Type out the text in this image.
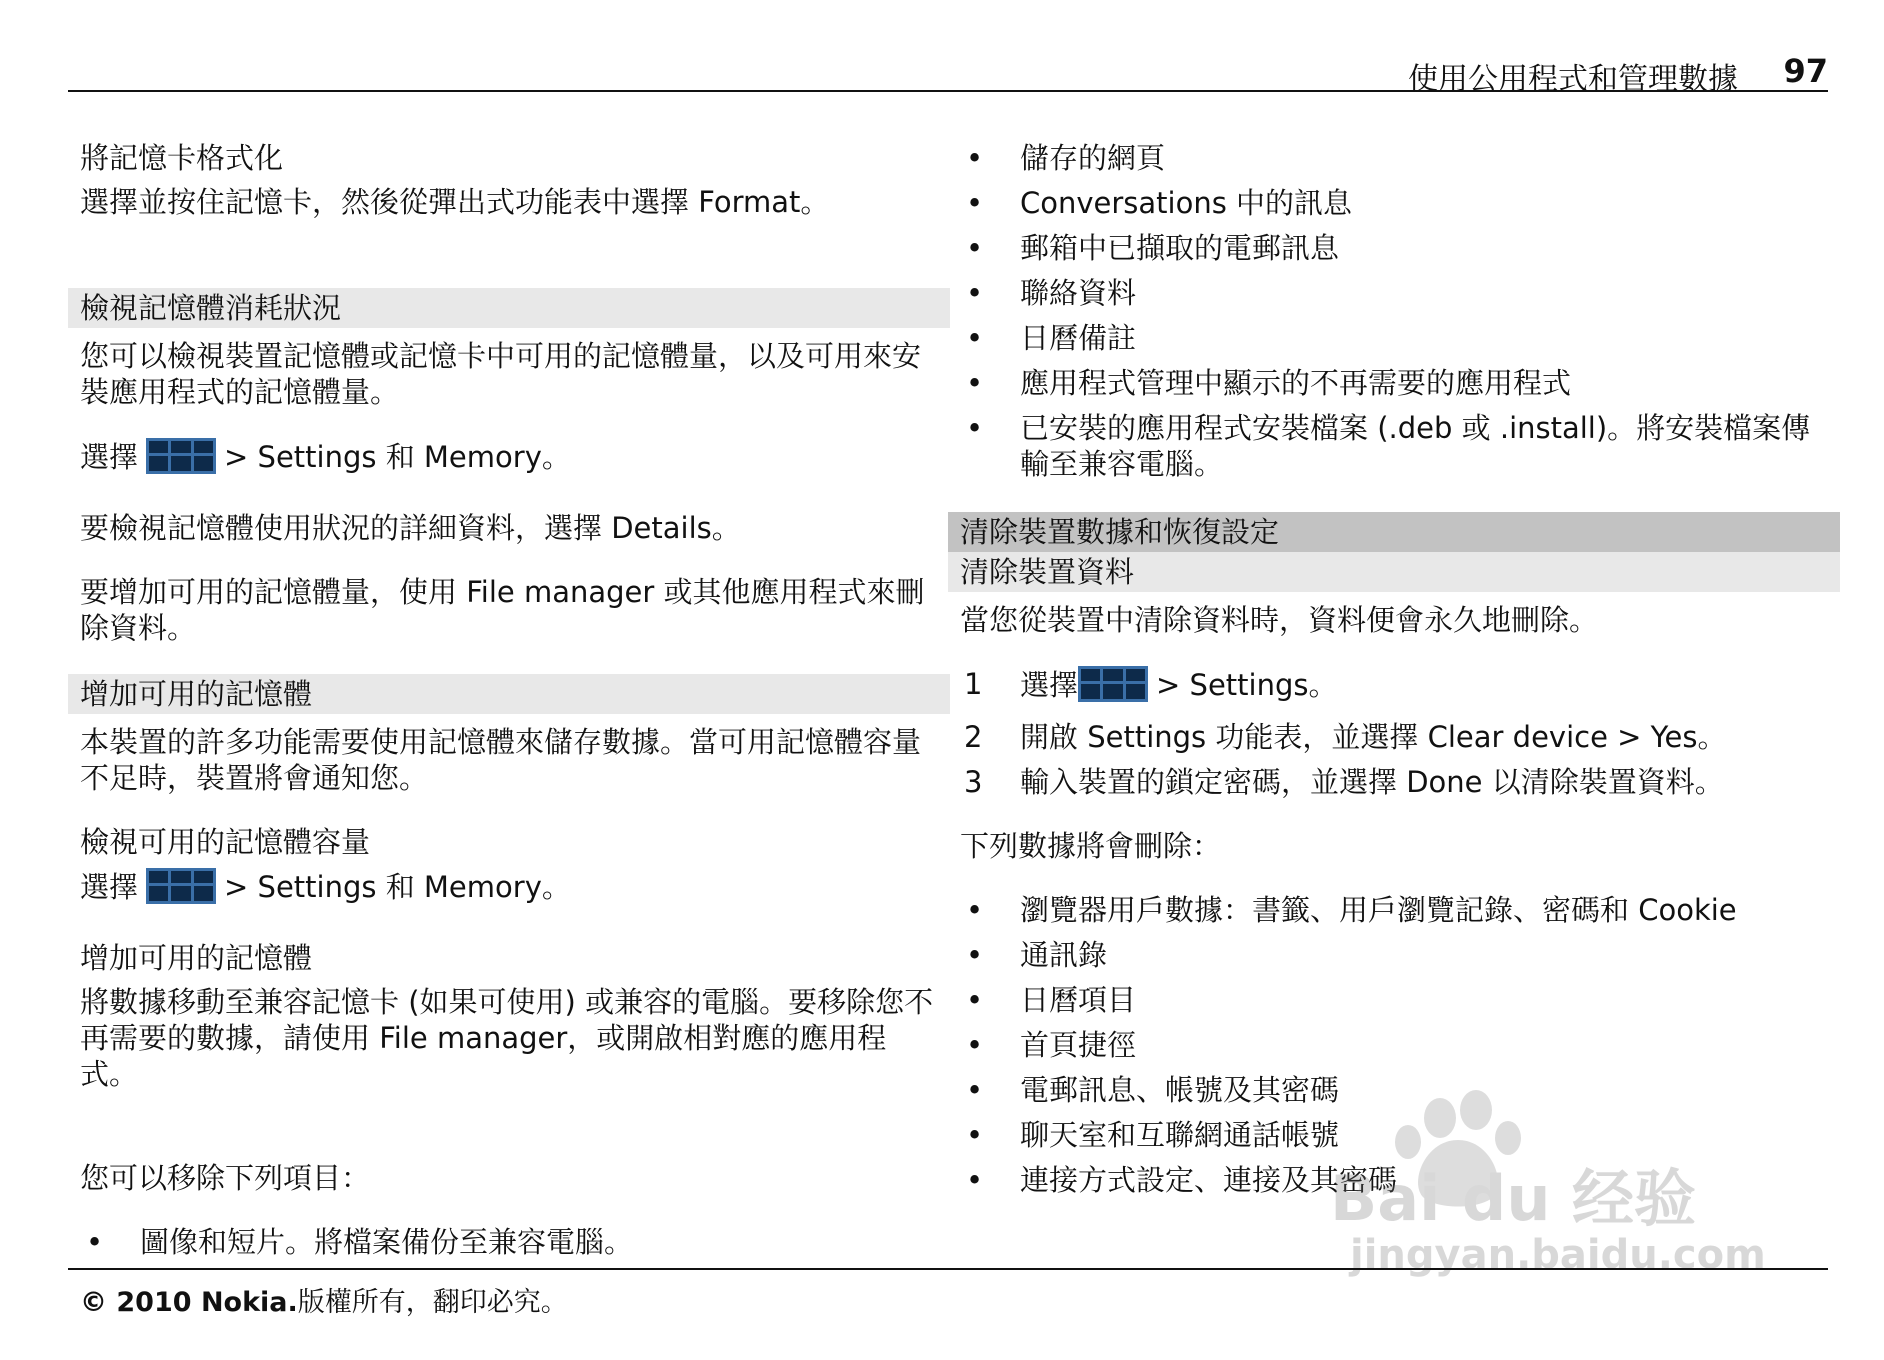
使用公用程式和管理數據 97
將記憶卡格式化
選擇並按住記憶卡，然後從彈出式功能表中選擇 Format。
檢視記憶體消耗狀況
您可以檢視裝置記憶體或記憶卡中可用的記憶體量，以及可用來安裝應用程式的記憶體量。
選擇	> Settings 和 Memory。
要檢視記憶體使用狀況的詳細資料，選擇 Details。
要增加可用的記憶體量，使用 File manager 或其他應用程式來刪除資料。
增加可用的記憶體
本裝置的許多功能需要使用記憶體來儲存數據。當可用記憶體容量不足時，裝置將會通知您。
檢視可用的記憶體容量
選擇	> Settings 和 Memory。
增加可用的記憶體
將數據移動至兼容記憶卡 (如果可使用) 或兼容的電腦。要移除您不再需要的數據，請使用 File manager，或開啟相對應的應用程式。
您可以移除下列項目：
• 圖像和短片。將檔案備份至兼容電腦。
• 儲存的網頁
• Conversations 中的訊息
• 郵箱中已擷取的電郵訊息
• 聯絡資料
• 日曆備註
• 應用程式管理中顯示的不再需要的應用程式
• 已安裝的應用程式安裝檔案 (.deb 或 .install)。將安裝檔案傳輸至兼容電腦。
清除裝置數據和恢復設定
清除裝置資料
當您從裝置中清除資料時，資料便會永久地刪除。
1 選擇	> Settings。
2 開啟 Settings 功能表，並選擇 Clear device > Yes。
3 輸入裝置的鎖定密碼，並選擇 Done 以清除裝置資料。
下列數據將會刪除：
• 瀏覽器用戶數據：書籤、用戶瀏覽記錄、密碼和 Cookie
• 通訊錄
• 日曆項目
• 首頁捷徑
• 電郵訊息、帳號及其密碼
• 聊天室和互聯網通話帳號
• 連接方式設定、連接及其密碼
Bai du 经验
jingyan.baidu.com
© 2010 Nokia.版權所有，翻印必究。
